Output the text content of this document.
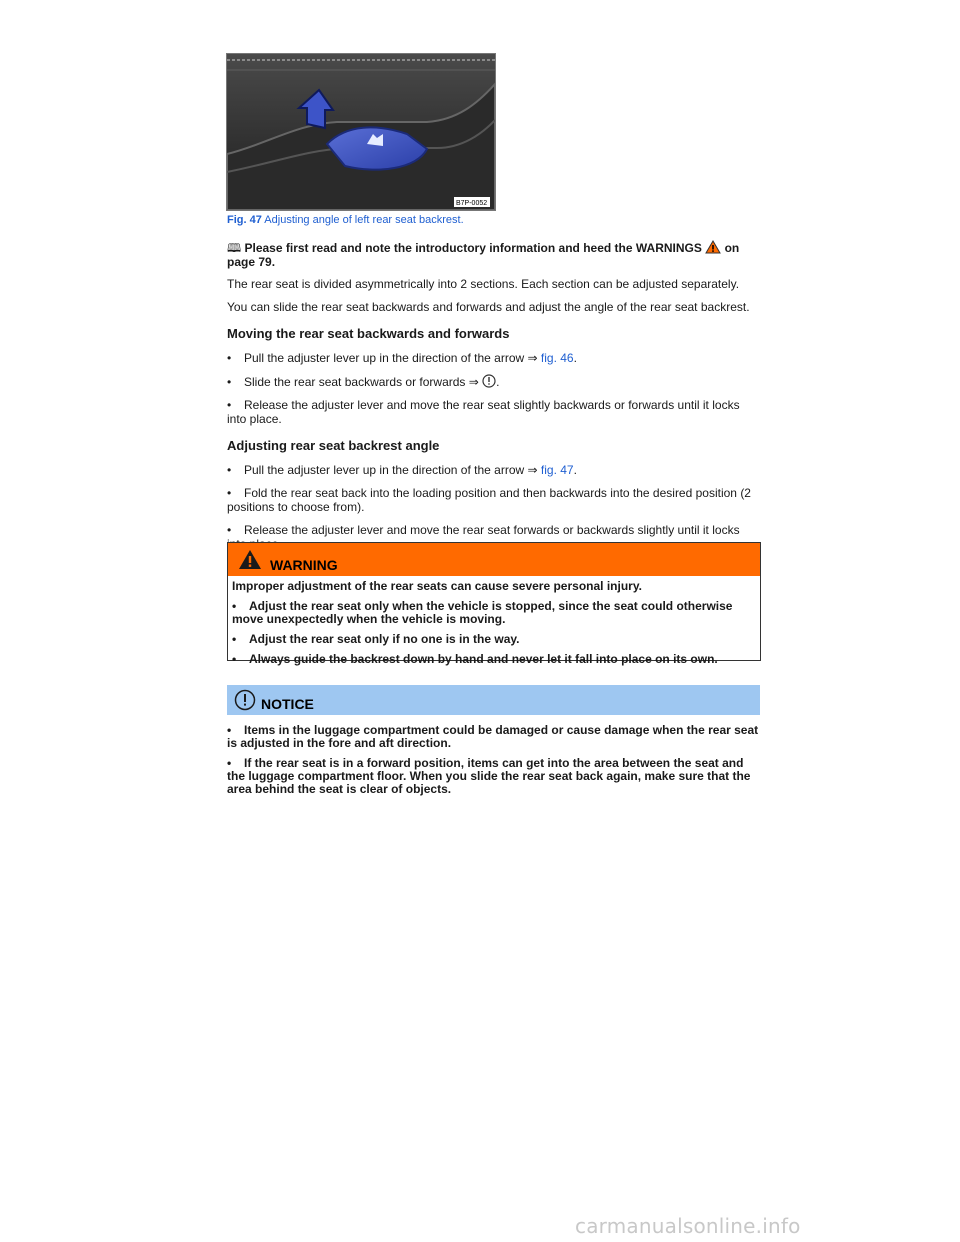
B7P-0052
Fig. 47 Adjusting angle of left rear seat backrest.
🕮 Please first read and note the introductory information and heed the WARNINGS on
page 79.

The rear seat is divided asymmetrically into 2 sections. Each section can be adjusted separately.

You can slide the rear seat backwards and forwards and adjust the angle of the rear seat backrest.

Moving the rear seat backwards and forwards

• Pull the adjuster lever up in the direction of the arrow ⇒ fig. 46.

• Slide the rear seat backwards or forwards ⇒ .

• Release the adjuster lever and move the rear seat slightly backwards or forwards until it locks into place.

Adjusting rear seat backrest angle

• Pull the adjuster lever up in the direction of the arrow ⇒ fig. 47.

• Fold the rear seat back into the loading position and then backwards into the desired position (2 positions to choose from).

• Release the adjuster lever and move the rear seat forwards or backwards slightly until it locks

WARNING

Improper adjustment of the rear seats can cause severe personal injury.

• Adjust the rear seat only when the vehicle is stopped, since the seat could otherwise move unexpectedly when the vehicle is moving.

• Adjust the rear seat only if no one is in the way.

• Always guide the backrest down by hand and never let it fall into place on its own.

NOTICE

• Items in the luggage compartment could be damaged or cause damage when the rear seat is adjusted in the fore and aft direction.

• If the rear seat is in a forward position, items can get into the area between the seat and the luggage compartment floor. When you slide the rear seat back again, make sure that the area behind the seat is clear of objects.

carmanualsonline.info
